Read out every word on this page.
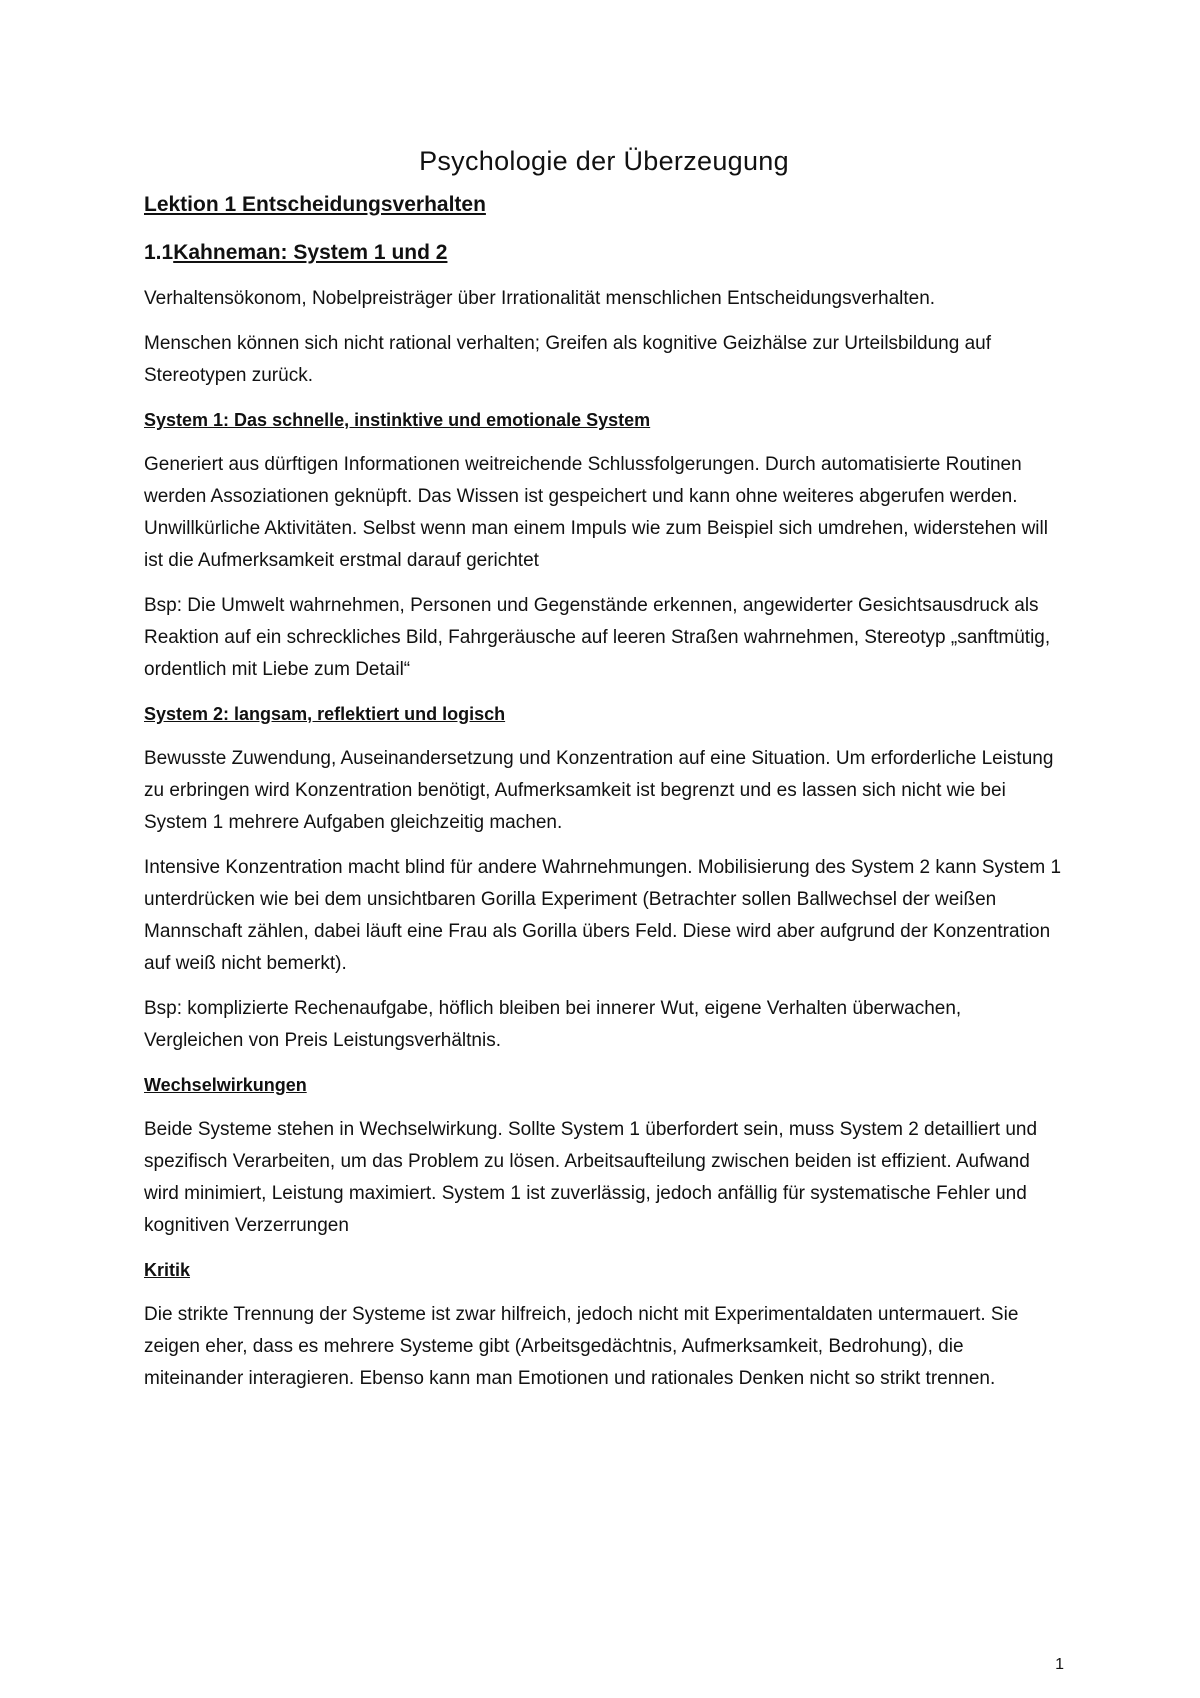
Psychologie der Überzeugung
Lektion 1 Entscheidungsverhalten
1.1Kahneman: System 1 und 2

Verhaltensökonom, Nobelpreisträger über Irrationalität menschlichen Entscheidungsverhalten.

Menschen können sich nicht rational verhalten; Greifen als kognitive Geizhälse zur Urteilsbildung auf Stereotypen zurück.

System 1: Das schnelle, instinktive und emotionale System

Generiert aus dürftigen Informationen weitreichende Schlussfolgerungen. Durch automatisierte Routinen werden Assoziationen geknüpft. Das Wissen ist gespeichert und kann ohne weiteres abgerufen werden. Unwillkürliche Aktivitäten. Selbst wenn man einem Impuls wie zum Beispiel sich umdrehen, widerstehen will ist die Aufmerksamkeit erstmal darauf gerichtet

Bsp: Die Umwelt wahrnehmen, Personen und Gegenstände erkennen, angewiderter Gesichtsausdruck als Reaktion auf ein schreckliches Bild, Fahrgeräusche auf leeren Straßen wahrnehmen, Stereotyp „sanftmütig, ordentlich mit Liebe zum Detail“

System 2: langsam, reflektiert und logisch

Bewusste Zuwendung, Auseinandersetzung und Konzentration auf eine Situation. Um erforderliche Leistung zu erbringen wird Konzentration benötigt, Aufmerksamkeit ist begrenzt und es lassen sich nicht wie bei System 1 mehrere Aufgaben gleichzeitig machen.

Intensive Konzentration macht blind für andere Wahrnehmungen. Mobilisierung des System 2 kann System 1 unterdrücken wie bei dem unsichtbaren Gorilla Experiment (Betrachter sollen Ballwechsel der weißen Mannschaft zählen, dabei läuft eine Frau als Gorilla übers Feld. Diese wird aber aufgrund der Konzentration auf weiß nicht bemerkt).

Bsp: komplizierte Rechenaufgabe, höflich bleiben bei innerer Wut, eigene Verhalten überwachen, Vergleichen von Preis Leistungsverhältnis.

Wechselwirkungen

Beide Systeme stehen in Wechselwirkung. Sollte System 1 überfordert sein, muss System 2 detailliert und spezifisch Verarbeiten, um das Problem zu lösen. Arbeitsaufteilung zwischen beiden ist effizient. Aufwand wird minimiert, Leistung maximiert. System 1 ist zuverlässig, jedoch anfällig für systematische Fehler und kognitiven Verzerrungen

Kritik

Die strikte Trennung der Systeme ist zwar hilfreich, jedoch nicht mit Experimentaldaten untermauert. Sie zeigen eher, dass es mehrere Systeme gibt (Arbeitsgedächtnis, Aufmerksamkeit, Bedrohung), die miteinander interagieren. Ebenso kann man Emotionen und rationales Denken nicht so strikt trennen.

1
